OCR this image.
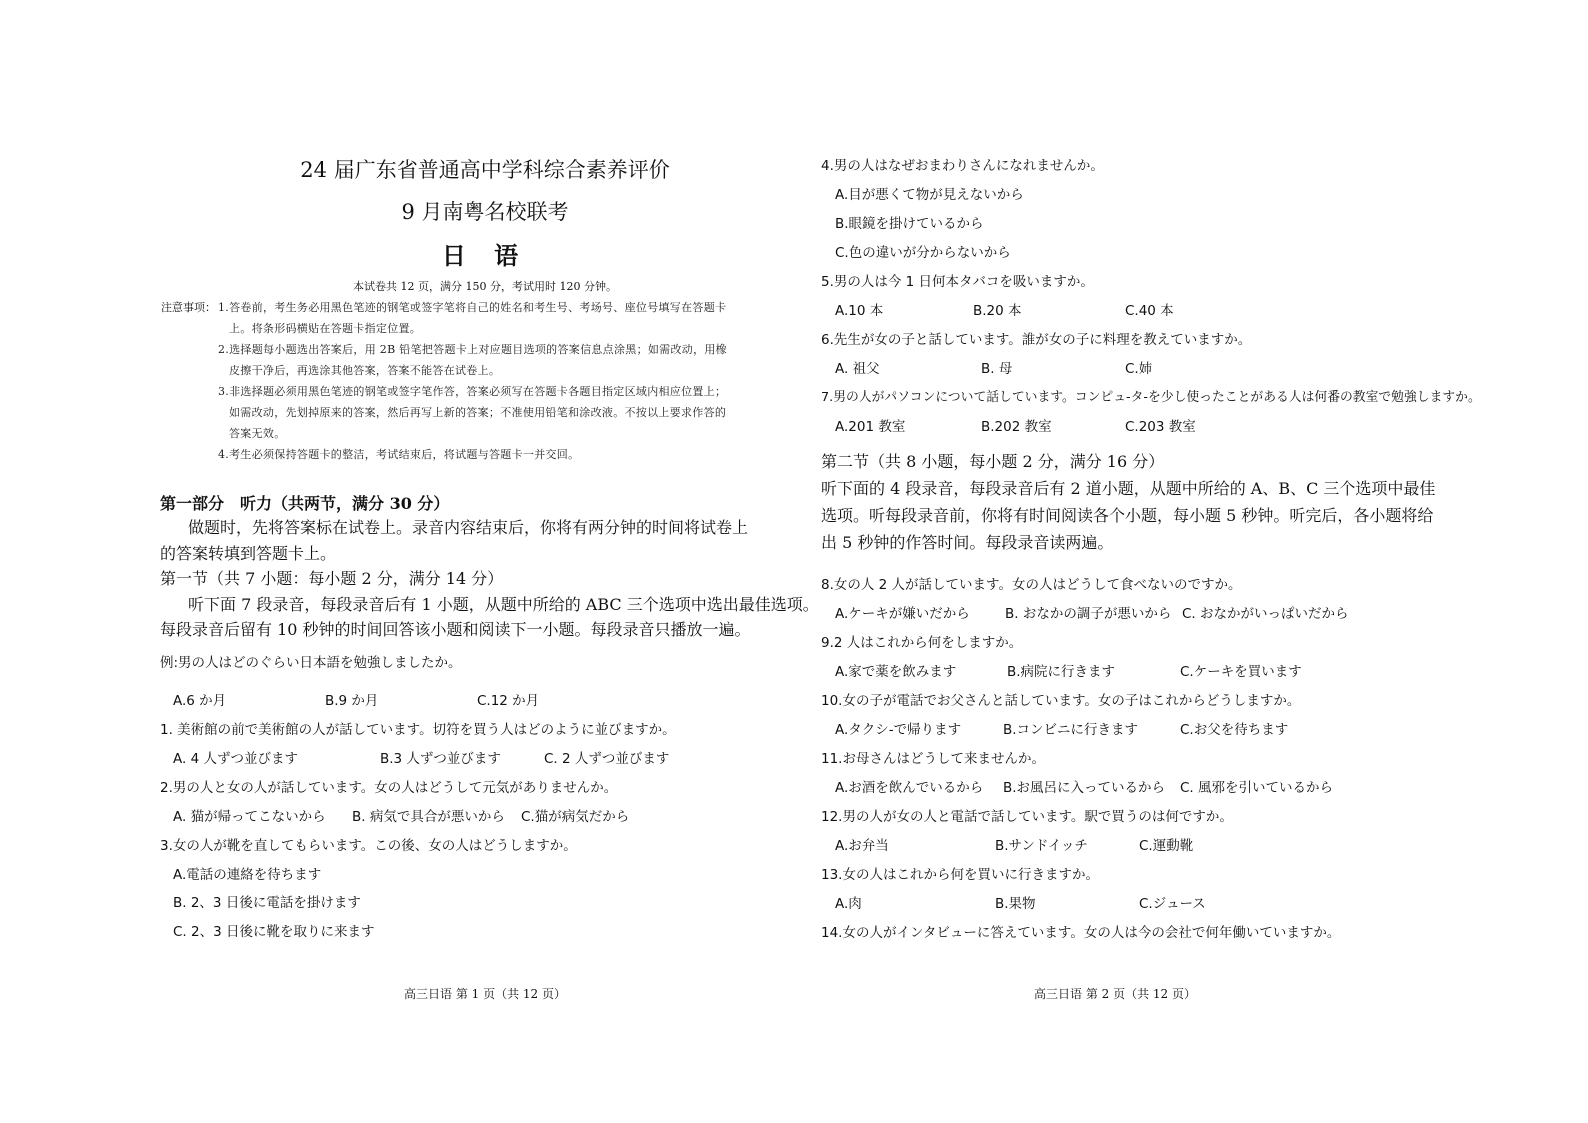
24 届广东省普通高中学科综合素养评价
9 月南粤名校联考
日 语
本试卷共 12 页，满分 150 分，考试用时 120 分钟。
注意事项： 1.答卷前，考生务必用黑色笔迹的钢笔或签字笔将自己的姓名和考生号、考场号、座位号填写在答题卡
上。将条形码横贴在答题卡指定位置。
2.选择题每小题选出答案后，用 2B 铅笔把答题卡上对应题目选项的答案信息点涂黑；如需改动，用橡
皮擦干净后，再选涂其他答案，答案不能答在试卷上。
3.非选择题必须用黑色笔迹的钢笔或签字笔作答，答案必须写在答题卡各题目指定区域内相应位置上；
如需改动，先划掉原来的答案，然后再写上新的答案；不准使用铅笔和涂改液。不按以上要求作答的
答案无效。
4.考生必须保持答题卡的整洁，考试结束后，将试题与答题卡一并交回。
第一部分　听力（共两节，满分 30 分）
做题时，先将答案标在试卷上。录音内容结束后，你将有两分钟的时间将试卷上
的答案转填到答题卡上。
第一节（共 7 小题：每小题 2 分，满分 14 分）
听下面 7 段录音，每段录音后有 1 小题，从题中所给的 ABC 三个选项中选出最佳选项。
每段录音后留有 10 秒钟的时间回答该小题和阅读下一小题。每段录音只播放一遍。
例:男の人はどのぐらい日本語を勉強しましたか。
A.6 か月	B.9 か月	C.12 か月
1. 美術館の前で美術館の人が話しています。切符を買う人はどのように並びますか。
A. 4 人ずつ並びます	B.3 人ずつ並びます	C. 2 人ずつ並びます
2.男の人と女の人が話しています。女の人はどうして元気がありませんか。
A. 猫が帰ってこないから B. 病気で具合が悪いから C.猫が病気だから
3.女の人が靴を直してもらいます。この後、女の人はどうしますか。
A.電話の連絡を待ちます
B. 2、3 日後に電話を掛けます
C. 2、3 日後に靴を取りに来ます
高三日语 第 1 页（共 12 页）
4.男の人はなぜおまわりさんになれませんか。
A.目が悪くて物が見えないから
B.眼鏡を掛けているから
C.色の違いが分からないから
5.男の人は今 1 日何本タバコを吸いますか。
A.10 本	B.20 本	C.40 本
6.先生が女の子と話しています。誰が女の子に料理を教えていますか。
A. 祖父	B. 母	C.姉
7.男の人がパソコンについて話しています。コンピュ-タ-を少し使ったことがある人は何番の教室で勉強しますか。
A.201 教室	B.202 教室	C.203 教室
第二节（共 8 小题，每小题 2 分，满分 16 分）
听下面的 4 段录音，每段录音后有 2 道小题，从题中所给的 A、B、C 三个选项中最佳
选项。听每段录音前，你将有时间阅读各个小题，每小题 5 秒钟。听完后，各小题将给
出 5 秒钟的作答时间。每段录音读两遍。
8.女の人 2 人が話しています。女の人はどうして食べないのですか。
A.ケーキが嫌いだから	B. おなかの調子が悪いから C. おなかがいっぱいだから
9.2 人はこれから何をしますか。
A.家で薬を飲みます	B.病院に行きます	C.ケーキを買います
10.女の子が電話でお父さんと話しています。女の子はこれからどうしますか。
A.タクシ-で帰ります	B.コンビニに行きます	C.お父を待ちます
11.お母さんはどうして来ませんか。
A.お酒を飲んでいるから B.お風呂に入っているから C. 風邪を引いているから
12.男の人が女の人と電話で話しています。駅で買うのは何ですか。
A.お弁当	B.サンドイッチ	C.運動靴
13.女の人はこれから何を買いに行きますか。
A.肉	B.果物	C.ジュース
14.女の人がインタビューに答えています。女の人は今の会社で何年働いていますか。
高三日语 第 2 页（共 12 页）
